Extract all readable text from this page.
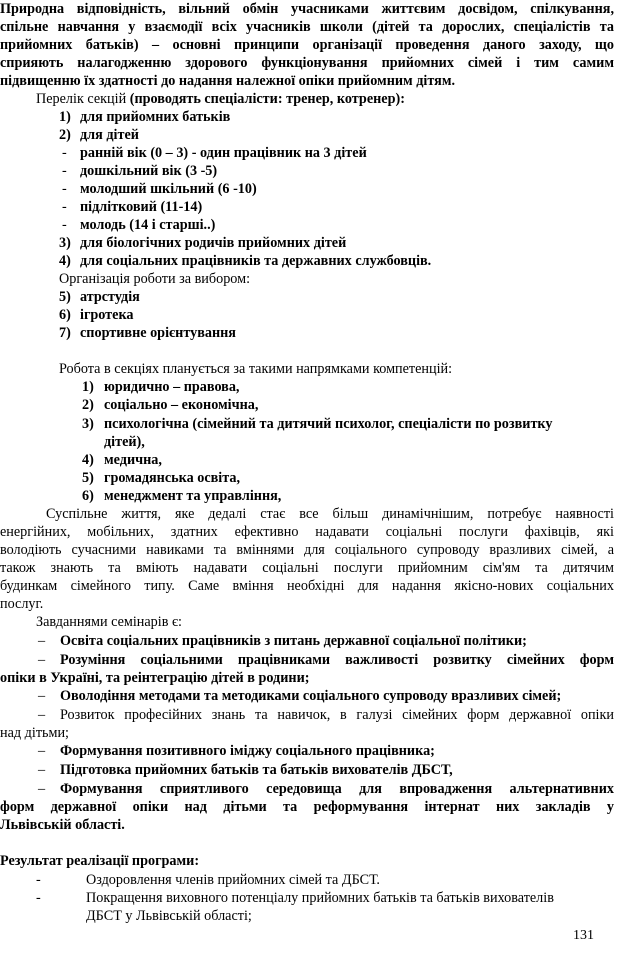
Природна відповідність, вільний обмін учасниками життєвим досвідом, спілкування,
спільне навчання у взаємодії всіх учасників школи (дітей та дорослих, спеціалістів та
прийомних батьків) – основні принципи організації проведення даного заходу, що
сприяють налагодженню здорового функціонування прийомних сімей і тим самим
підвищенню їх здатності до надання належної опіки прийомним дітям.
Перелік секцій (проводять спеціалісти: тренер, котренер):
1) для прийомних батьків
2) для дітей
- ранній вік (0 – 3) - один працівник на 3 дітей
- дошкільний вік (3 -5)
- молодший шкільний (6 -10)
- підлітковий (11-14)
- молодь (14 і старші..)
3) для біологічних родичів прийомних дітей
4) для соціальних працівників та державних службовців.
Організація роботи за вибором:
5) атрстудія
6) ігротека
7) спортивне орієнтування
Робота в секціях планується за такими напрямками компетенцій:
1) юридично – правова,
2) соціально – економічна,
3) психологічна (сімейний та дитячий психолог, спеціалісти по розвитку
дітей),
4) медична,
5) громадянська освіта,
6) менеджмент та управління,
Суспільне життя, яке дедалі стає все більш динамічнішим, потребує наявності
енергійних, мобільних, здатних ефективно надавати соціальні послуги фахівців, які
володіють сучасними навиками та вміннями для соціального супроводу вразливих сімей, а
також знають та вміють надавати соціальні послуги прийомним сім'ям та дитячим
будинкам сімейного типу. Саме вміння необхідні для надання якісно-нових соціальних
послуг.
Завданнями семінарів є:
– Освіта соціальних працівників з питань державної соціальної політики;
– Розуміння соціальними працівниками важливості розвитку сімейних форм
опіки в Україні, та реінтеграцію дітей в родини;
– Оволодіння методами та методиками соціального супроводу вразливих сімей;
– Розвиток професійних знань та навичок, в галузі сімейних форм державної опіки
над дітьми;
– Формування позитивного іміджу соціального працівника;
– Підготовка прийомних батьків та батьків вихователів ДБСТ,
– Формування сприятливого середовища для впровадження альтернативних
форм державної опіки над дітьми та реформування інтернат них закладів у
Львівській області.
Результат реалізації програми:
-	Оздоровлення членів прийомних сімей та ДБСТ.
-	Покращення виховного потенціалу прийомних батьків та батьків вихователів
ДБСТ у Львівській області;
131
